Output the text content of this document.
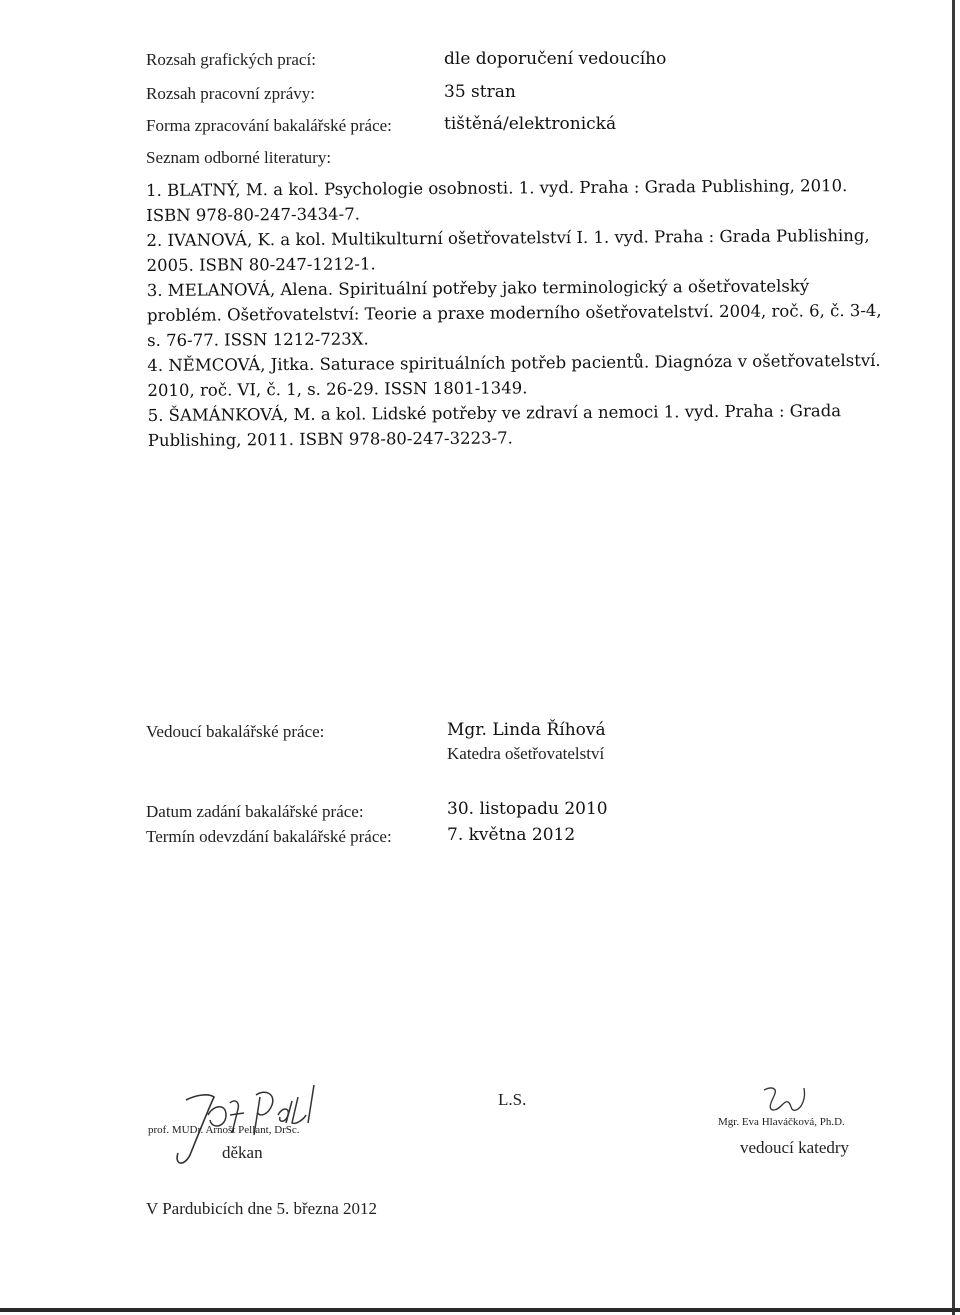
Rozsah grafických prací:	dle doporučení vedoucího
Rozsah pracovní zprávy:	35 stran
Forma zpracování bakalářské práce:	tištěná/elektronická
Seznam odborné literatury:

1. BLATNÝ, M. a kol. Psychologie osobnosti. 1. vyd. Praha : Grada Publishing, 2010. ISBN 978-80-247-3434-7.

2. IVANOVÁ, K. a kol. Multikulturní ošetřovatelství I. 1. vyd. Praha : Grada Publishing, 2005. ISBN 80-247-1212-1.

3. MELANOVÁ, Alena. Spirituální potřeby jako terminologický a ošetřovatelský problém. Ošetřovatelství: Teorie a praxe moderního ošetřovatelství. 2004, roč. 6, č. 3-4, s. 76-77. ISSN 1212-723X.

4. NĚMCOVÁ, Jitka. Saturace spirituálních potřeb pacientů. Diagnóza v ošetřovatelství. 2010, roč. VI, č. 1, s. 26-29. ISSN 1801-1349.

5. ŠAMÁNKOVÁ, M. a kol. Lidské potřeby ve zdraví a nemoci 1. vyd. Praha : Grada Publishing, 2011. ISBN 978-80-247-3223-7.

Vedoucí bakalářské práce:	Mgr. Linda Říhová
Katedra ošetřovatelství
Datum zadání bakalářské práce:	30. listopadu 2010
Termín odevzdání bakalářské práce:	7. května 2012
prof. MUDr. Arnošt Pellant, DrSc.
děkan
L.S.
Mgr. Eva Hlaváčková, Ph.D.
vedoucí katedry
V Pardubicích dne 5. března 2012
